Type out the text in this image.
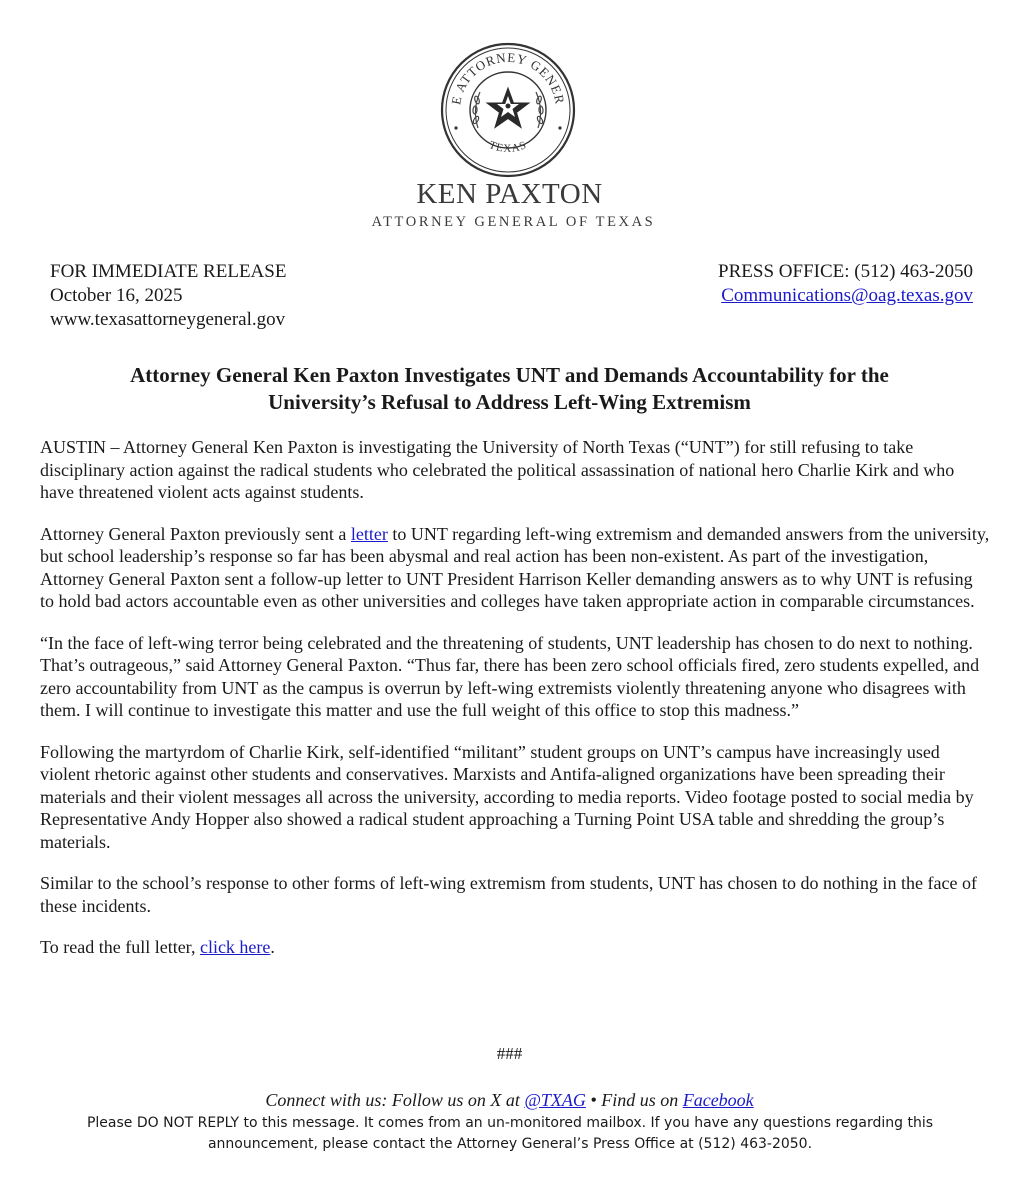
E ATTORNEY GENER
TEXAS
KEN PAXTON
ATTORNEY GENERAL OF TEXAS
FOR IMMEDIATE RELEASE
October 16, 2025
www.texasattorneygeneral.gov
PRESS OFFICE: (512) 463-2050
Communications@oag.texas.gov
Attorney General Ken Paxton Investigates UNT and Demands Accountability for the
University’s Refusal to Address Left-Wing Extremism

AUSTIN – Attorney General Ken Paxton is investigating the University of North Texas (“UNT”) for still refusing to take disciplinary action against the radical students who celebrated the political assassination of national hero Charlie Kirk and who have threatened violent acts against students.

Attorney General Paxton previously sent a letter to UNT regarding left-wing extremism and demanded answers from the university, but school leadership’s response so far has been abysmal and real action has been non-existent. As part of the investigation, Attorney General Paxton sent a follow-up letter to UNT President Harrison Keller demanding answers as to why UNT is refusing to hold bad actors accountable even as other universities and colleges have taken appropriate action in comparable circumstances.

“In the face of left-wing terror being celebrated and the threatening of students, UNT leadership has chosen to do next to nothing. That’s outrageous,” said Attorney General Paxton. “Thus far, there has been zero school officials fired, zero students expelled, and zero accountability from UNT as the campus is overrun by left-wing extremists violently threatening anyone who disagrees with them. I will continue to investigate this matter and use the full weight of this office to stop this madness.”

Following the martyrdom of Charlie Kirk, self-identified “militant” student groups on UNT’s campus have increasingly used violent rhetoric against other students and conservatives. Marxists and Antifa-aligned organizations have been spreading their materials and their violent messages all across the university, according to media reports. Video footage posted to social media by Representative Andy Hopper also showed a radical student approaching a Turning Point USA table and shredding the group’s materials.

Similar to the school’s response to other forms of left-wing extremism from students, UNT has chosen to do nothing in the face of these incidents.

To read the full letter, click here.

###
Connect with us: Follow us on X at @TXAG • Find us on Facebook
Please DO NOT REPLY to this message. It comes from an un-monitored mailbox. If you have any questions regarding this announcement, please contact the Attorney General’s Press Office at (512) 463-2050.
